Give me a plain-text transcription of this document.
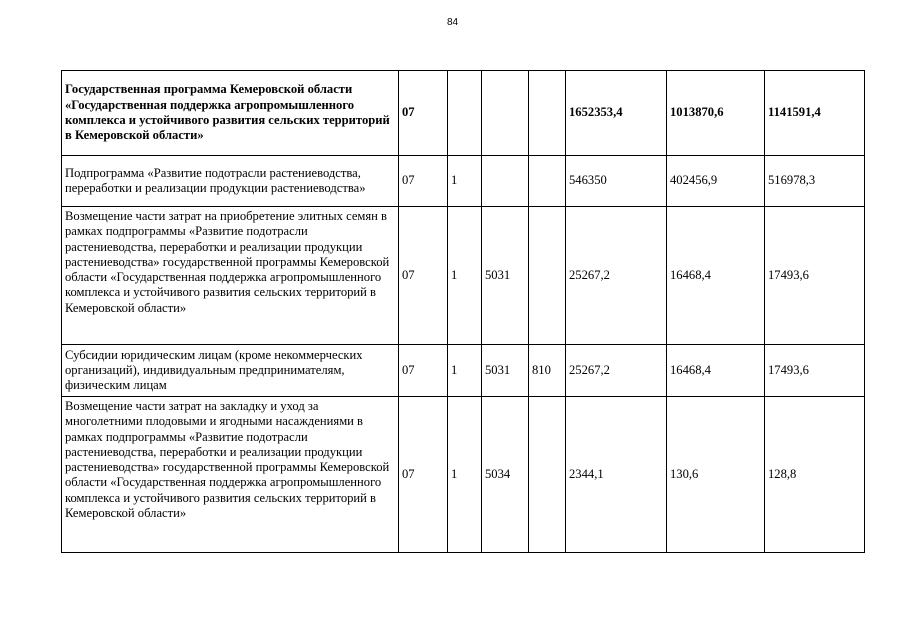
84
Государственная программа Кемеровской области «Государственная поддержка агропромышленного комплекса и устойчивого развития сельских территорий в Кемеровской области»	07				1652353,4	1013870,6	1141591,4
Подпрограмма «Развитие подотрасли растениеводства, переработки и реализации продукции растениеводства»	07	1			546350	402456,9	516978,3
Возмещение части затрат на приобретение элитных семян в рамках подпрограммы «Развитие подотрасли растениеводства, переработки и реализации продукции растениеводства» государственной программы Кемеровской области «Государственная поддержка агропромышленного комплекса и устойчивого развития сельских территорий в Кемеровской области»	07	1	5031		25267,2	16468,4	17493,6
Субсидии юридическим лицам (кроме некоммерческих организаций), индивидуальным предпринимателям, физическим лицам	07	1	5031	810	25267,2	16468,4	17493,6
Возмещение части затрат на закладку и уход за многолетними плодовыми и ягодными насаждениями в рамках подпрограммы «Развитие подотрасли растениеводства, переработки и реализации продукции растениеводства» государственной программы Кемеровской области «Государственная поддержка агропромышленного комплекса и устойчивого развития сельских территорий в Кемеровской области»	07	1	5034		2344,1	130,6	128,8
